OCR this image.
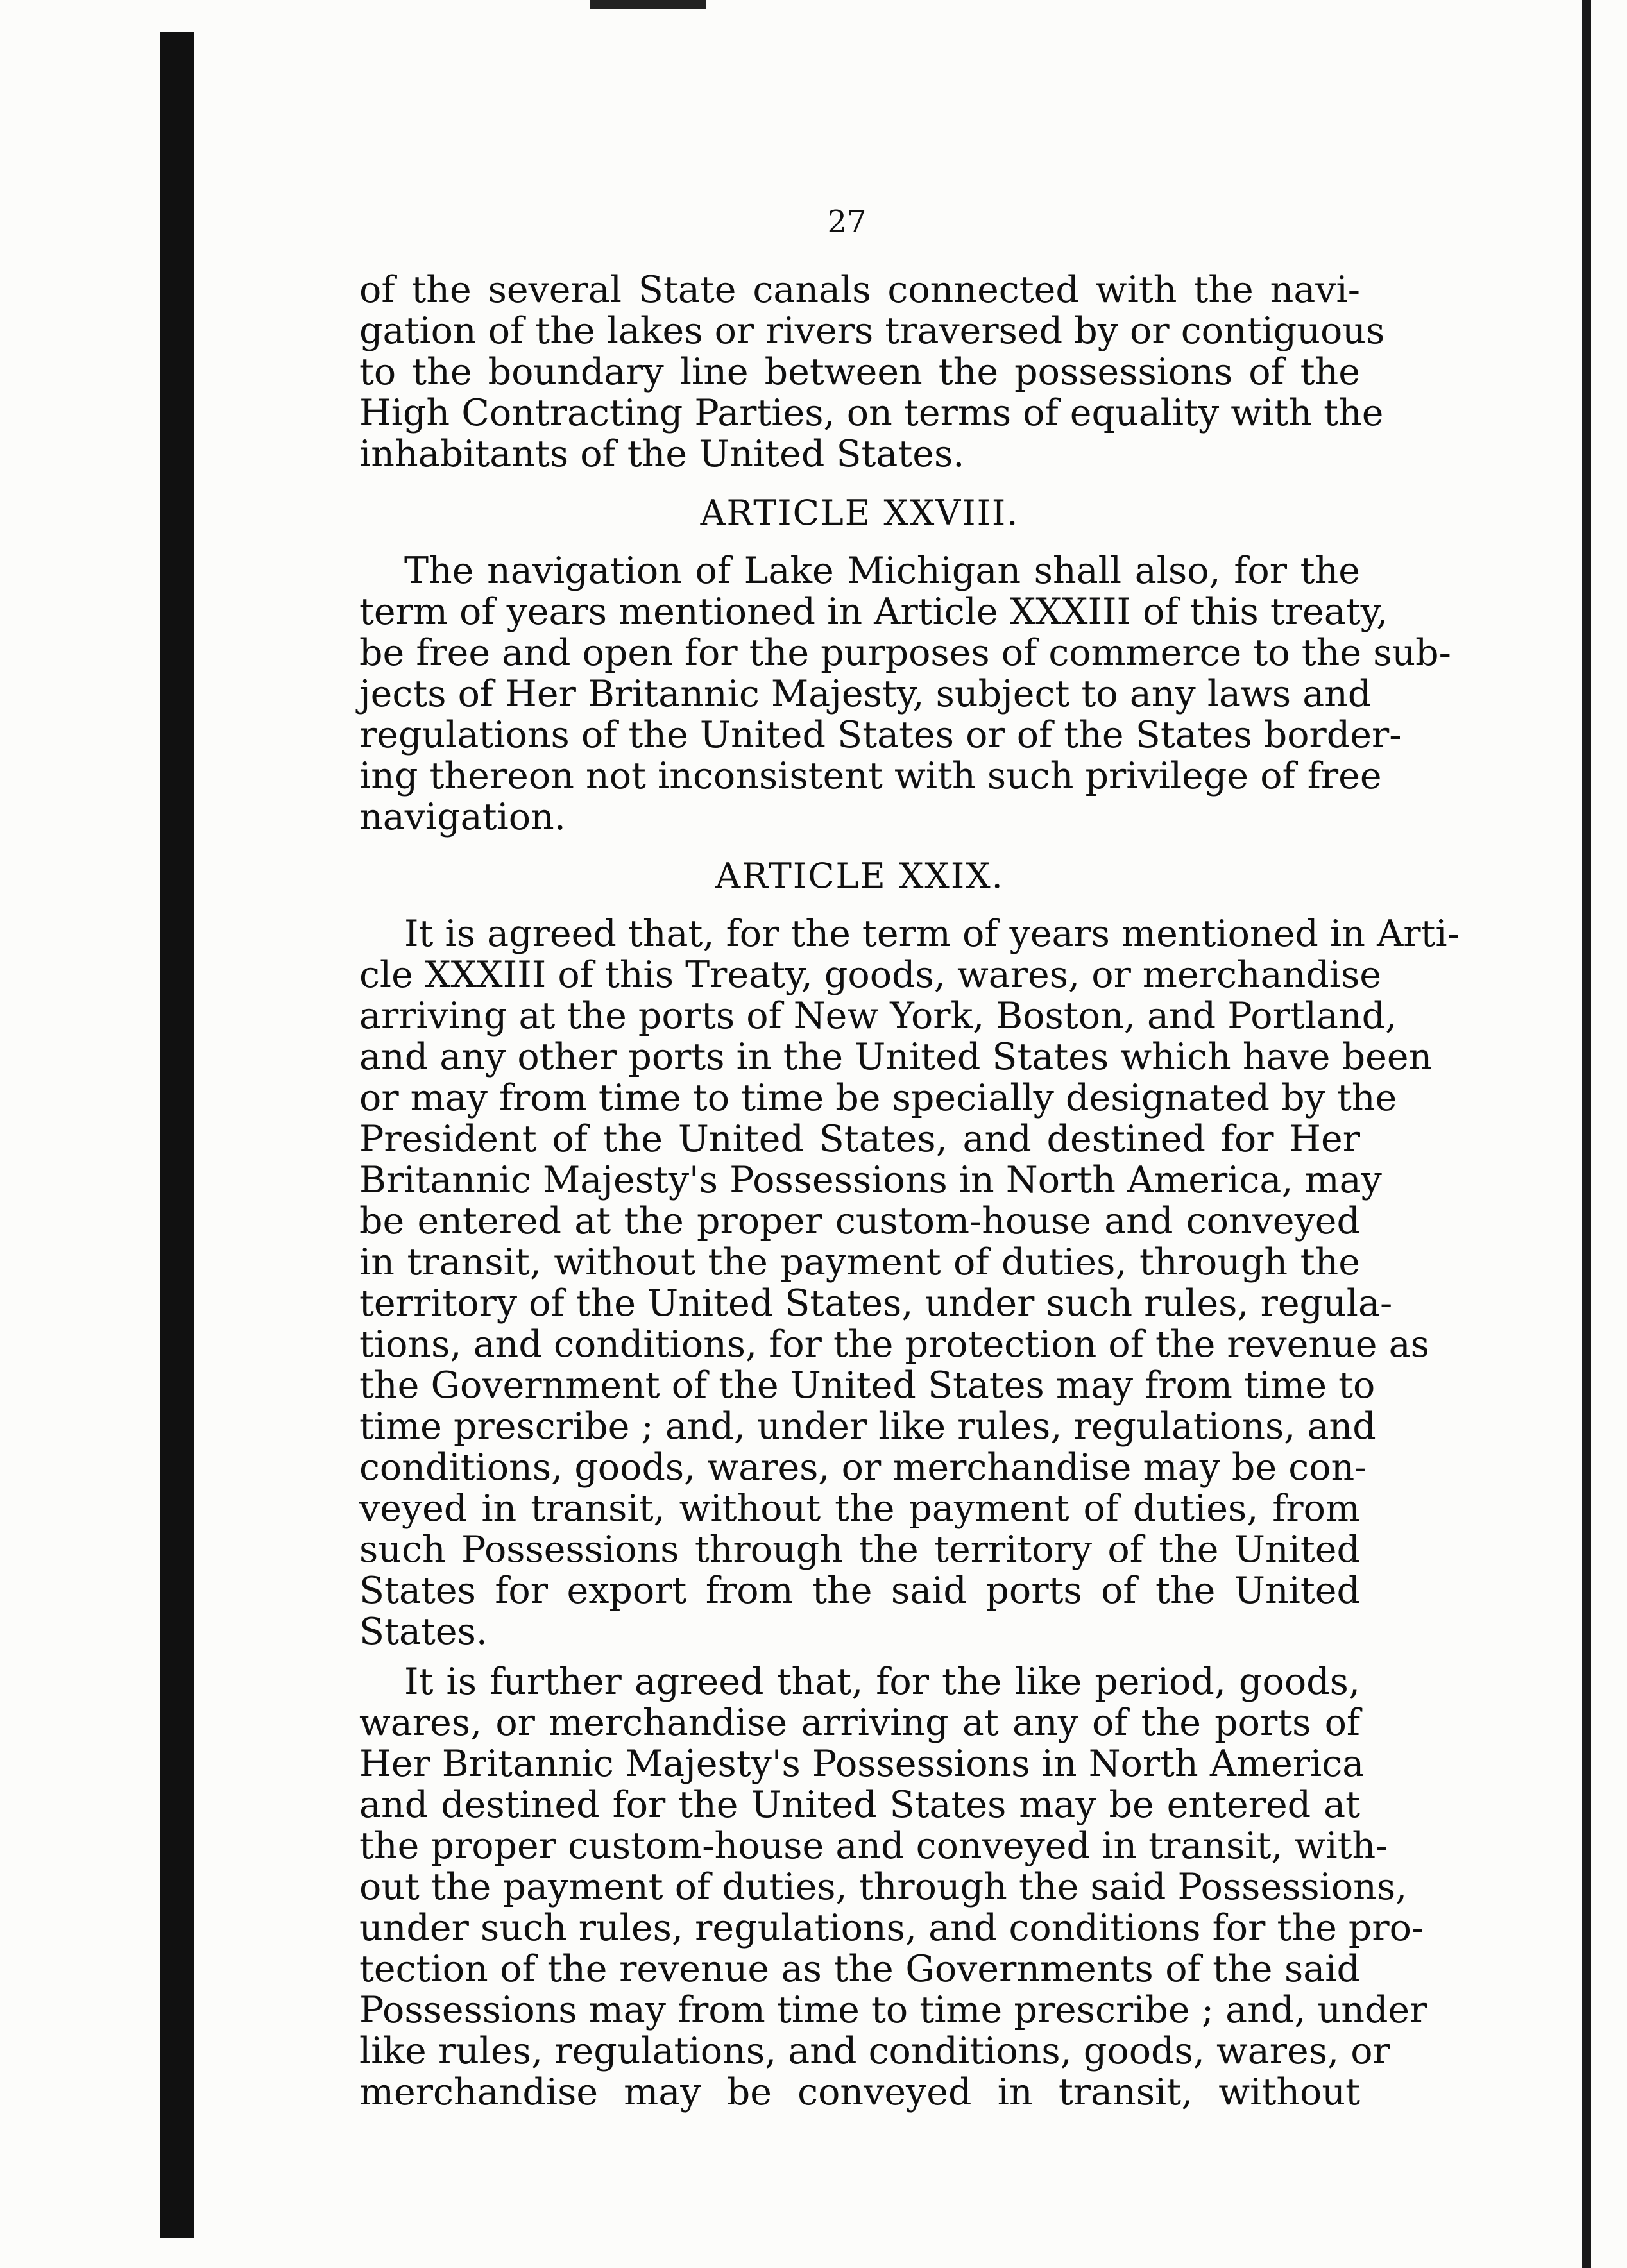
27
of the several State canals connected with the navi-
gation of the lakes or rivers traversed by or contiguous
to the boundary line between the possessions of the
High Contracting Parties, on terms of equality with the
inhabitants of the United States.
ARTICLE XXVIII.
The navigation of Lake Michigan shall also, for the
term of years mentioned in Article XXXIII of this treaty,
be free and open for the purposes of commerce to the sub-
jects of Her Britannic Majesty, subject to any laws and
regulations of the United States or of the States border-
ing thereon not inconsistent with such privilege of free
navigation.
ARTICLE XXIX.
It is agreed that, for the term of years mentioned in Arti-
cle XXXIII of this Treaty, goods, wares, or merchandise
arriving at the ports of New York, Boston, and Portland,
and any other ports in the United States which have been
or may from time to time be specially designated by the
President of the United States, and destined for Her
Britannic Majesty's Possessions in North America, may
be entered at the proper custom-house and conveyed
in transit, without the payment of duties, through the
territory of the United States, under such rules, regula-
tions, and conditions, for the protection of the revenue as
the Government of the United States may from time to
time prescribe ; and, under like rules, regulations, and
conditions, goods, wares, or merchandise may be con-
veyed in transit, without the payment of duties, from
such Possessions through the territory of the United
States for export from the said ports of the United
States.
It is further agreed that, for the like period, goods,
wares, or merchandise arriving at any of the ports of
Her Britannic Majesty's Possessions in North America
and destined for the United States may be entered at
the proper custom-house and conveyed in transit, with-
out the payment of duties, through the said Possessions,
under such rules, regulations, and conditions for the pro-
tection of the revenue as the Governments of the said
Possessions may from time to time prescribe ; and, under
like rules, regulations, and conditions, goods, wares, or
merchandise may be conveyed in transit, without
